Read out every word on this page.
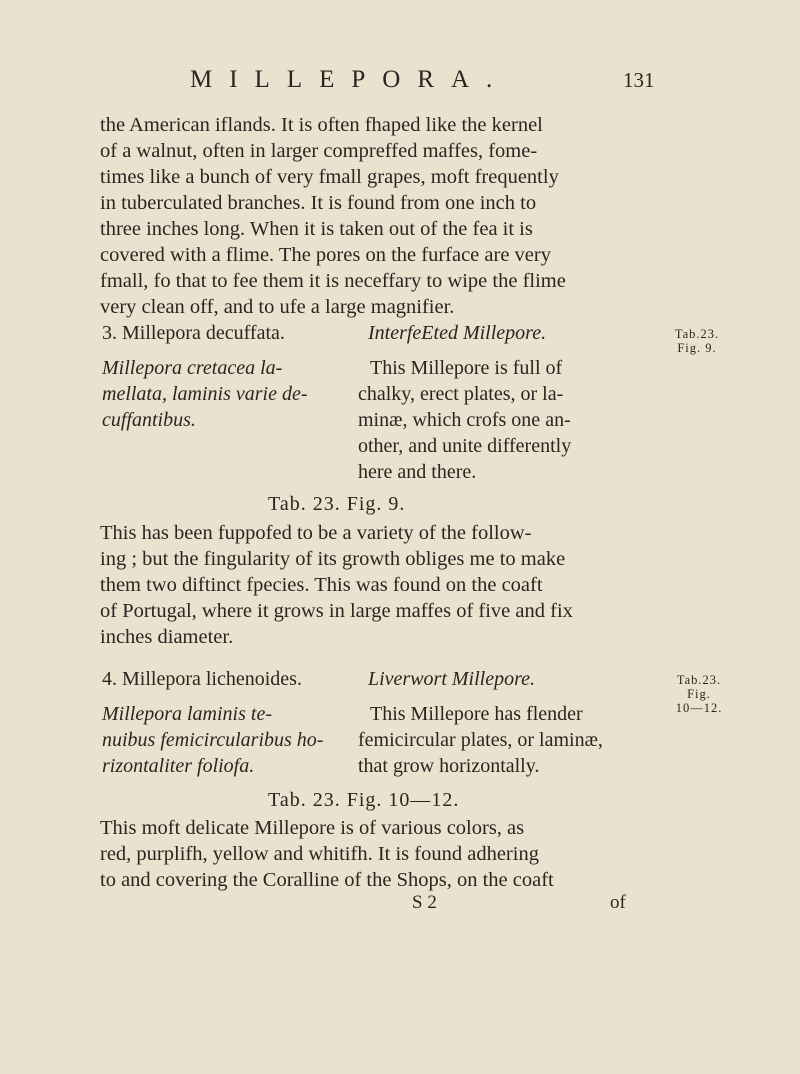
MILLEPORA.	131
the American iflands. It is often fhaped like the kernel
of a walnut, often in larger compreffed maffes, fome-
times like a bunch of very fmall grapes, moft frequently
in tuberculated branches. It is found from one inch to
three inches long. When it is taken out of the fea it is
covered with a flime. The pores on the furface are very
fmall, fo that to fee them it is neceffary to wipe the flime
very clean off, and to ufe a large magnifier.
3. Millepora decuffata.
Millepora cretacea la-
mellata, laminis varie de-
cuffantibus.
InterfeEted Millepore.
This Millepore is full of
chalky, erect plates, or la-
minæ, which crofs one an-
other, and unite differently
here and there.
Tab.23.
Fig. 9.
Tab. 23. Fig. 9.
This has been fuppofed to be a variety of the follow-
ing ; but the fingularity of its growth obliges me to make
them two diftinct fpecies. This was found on the coaft
of Portugal, where it grows in large maffes of five and fix
inches diameter.
4. Millepora lichenoides.
Millepora laminis te-
nuibus femicircularibus ho-
rizontaliter foliofa.
Liverwort Millepore.
This Millepore has flender
femicircular plates, or laminæ,
that grow horizontally.
Tab.23.
Fig.
10—12.
Tab. 23. Fig. 10—12.
This moft delicate Millepore is of various colors, as
red, purplifh, yellow and whitifh. It is found adhering
to and covering the Coralline of the Shops, on the coaft
S 2	of
